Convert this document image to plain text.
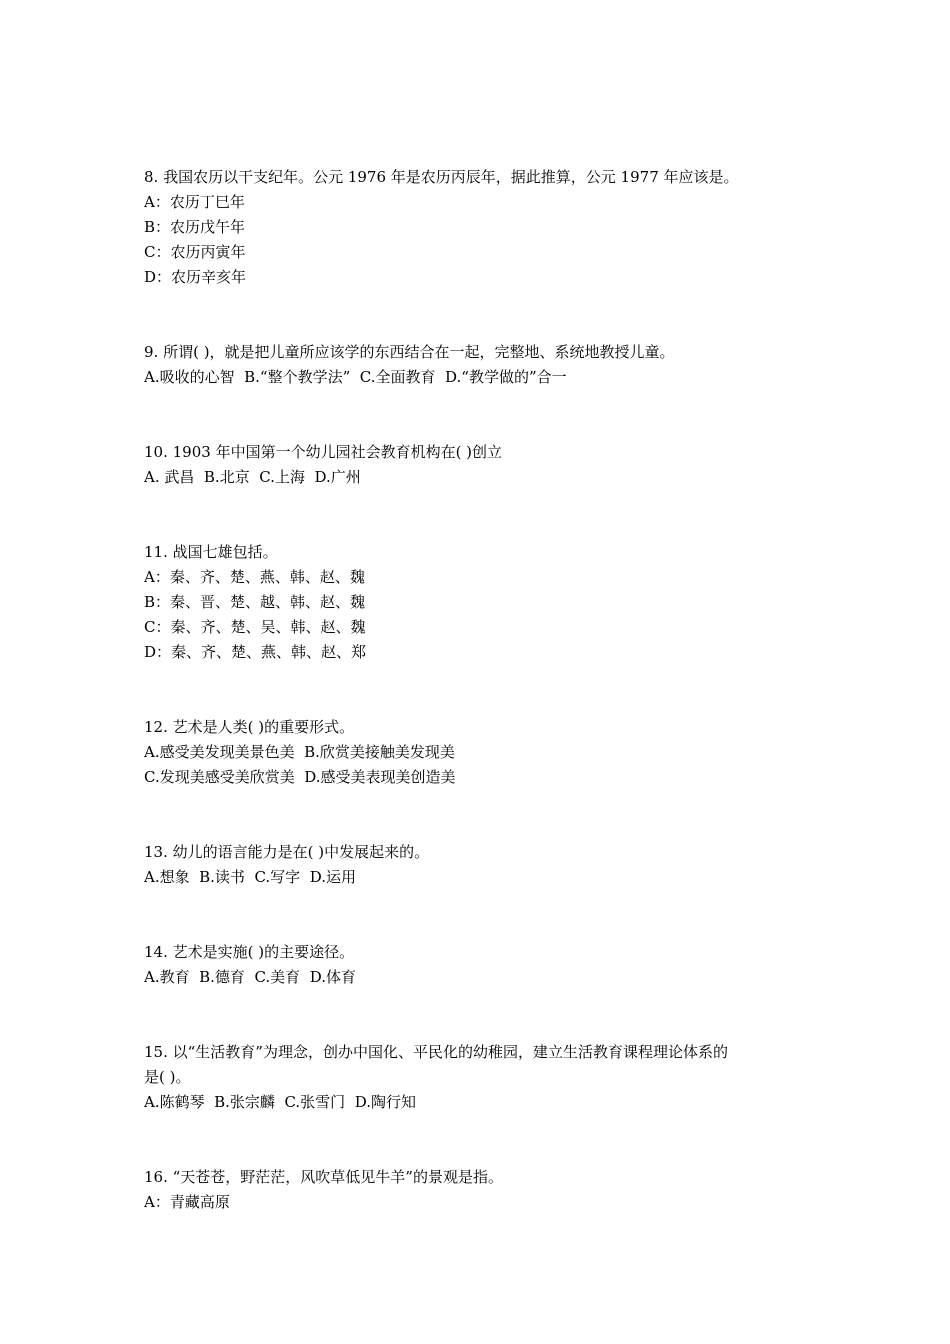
8. 我国农历以干支纪年。公元 1976 年是农历丙辰年，据此推算，公元 1977 年应该是。

A：农历丁巳年

B：农历戊午年

C：农历丙寅年

D：农历辛亥年

9. 所谓( )，就是把儿童所应该学的东西结合在一起，完整地、系统地教授儿童。

A.吸收的心智  B.“整个教学法”  C.全面教育  D.“教学做的”合一

10. 1903 年中国第一个幼儿园社会教育机构在( )创立

A. 武昌  B.北京  C.上海  D.广州

11. 战国七雄包括。

A：秦、齐、楚、燕、韩、赵、魏

B：秦、晋、楚、越、韩、赵、魏

C：秦、齐、楚、吴、韩、赵、魏

D：秦、齐、楚、燕、韩、赵、郑

12. 艺术是人类( )的重要形式。

A.感受美发现美景色美  B.欣赏美接触美发现美

C.发现美感受美欣赏美  D.感受美表现美创造美

13. 幼儿的语言能力是在( )中发展起来的。

A.想象  B.读书  C.写字  D.运用

14. 艺术是实施( )的主要途径。

A.教育  B.德育  C.美育  D.体育

15. 以“生活教育”为理念，创办中国化、平民化的幼稚园，建立生活教育课程理论体系的

是( )。

A.陈鹤琴  B.张宗麟  C.张雪门  D.陶行知

16. “天苍苍，野茫茫，风吹草低见牛羊”的景观是指。

A：青藏高原
